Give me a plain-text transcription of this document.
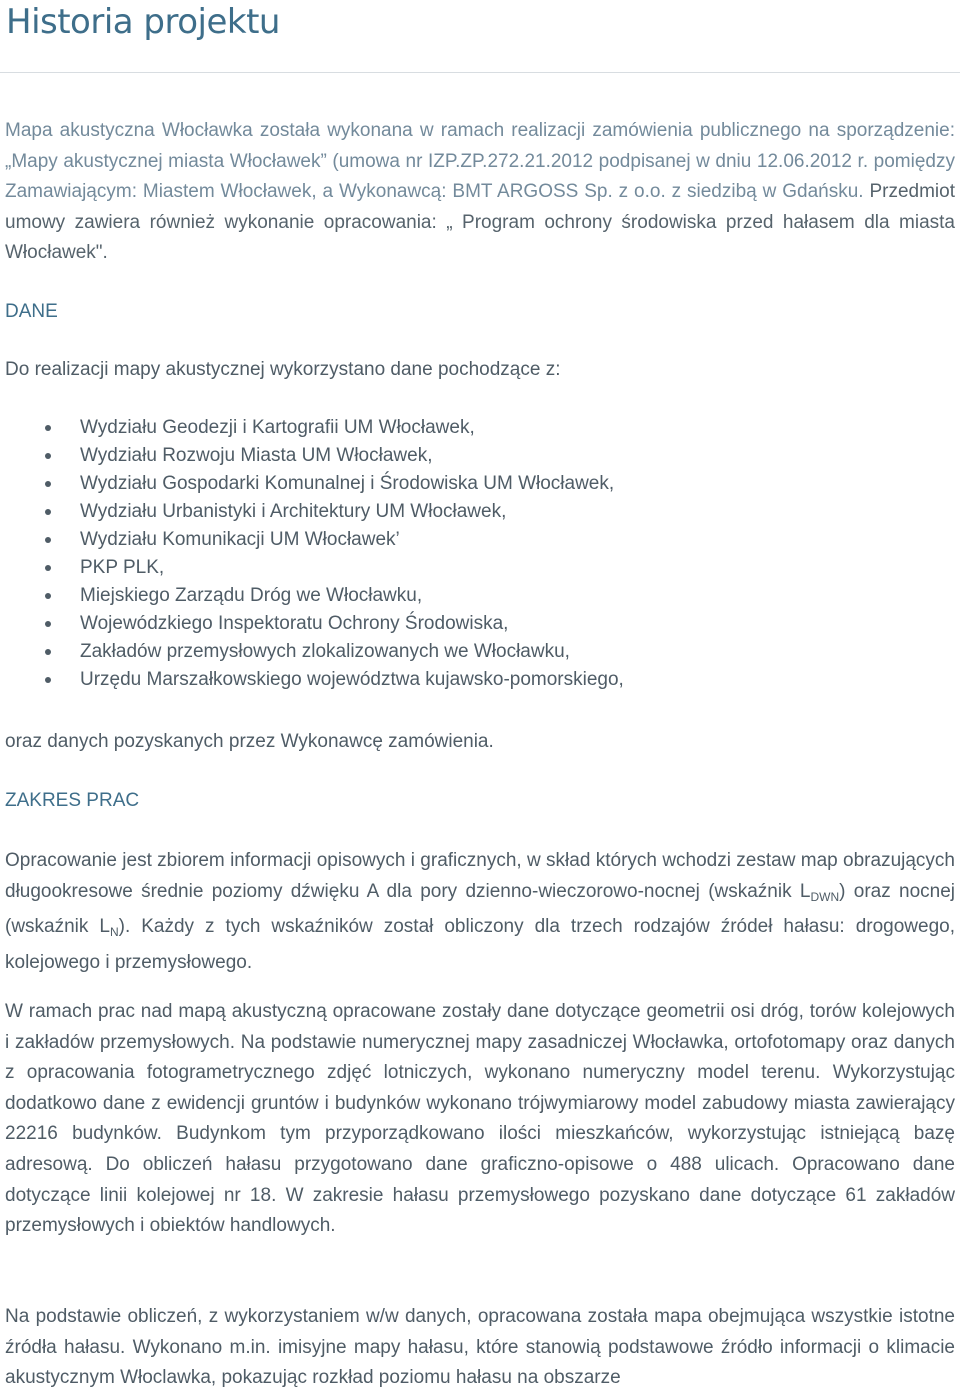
Historia projektu

Mapa akustyczna Włocławka została wykonana w ramach realizacji zamówienia publicznego na sporządzenie: „Mapy akustycznej miasta Włocławek” (umowa nr IZP.ZP.272.21.2012 podpisanej w dniu 12.06.2012 r. pomiędzy Zamawiającym: Miastem Włocławek, a Wykonawcą: BMT ARGOSS Sp. z o.o. z siedzibą w Gdańsku. Przedmiot umowy zawiera również wykonanie opracowania: „ Program ochrony środowiska przed hałasem dla miasta Włocławek".

DANE

Do realizacji mapy akustycznej wykorzystano dane pochodzące z:

Wydziału Geodezji i Kartografii UM Włocławek,
Wydziału Rozwoju Miasta UM Włocławek,
Wydziału Gospodarki Komunalnej i Środowiska UM Włocławek,
Wydziału Urbanistyki i Architektury UM Włocławek,
Wydziału Komunikacji UM Włocławek’
PKP PLK,
Miejskiego Zarządu Dróg we Włocławku,
Wojewódzkiego Inspektoratu Ochrony Środowiska,
Zakładów przemysłowych zlokalizowanych we Włocławku,
Urzędu Marszałkowskiego województwa kujawsko-pomorskiego,

oraz danych pozyskanych przez Wykonawcę zamówienia.

ZAKRES PRAC

Opracowanie jest zbiorem informacji opisowych i graficznych, w skład których wchodzi zestaw map obrazujących długookresowe średnie poziomy dźwięku A dla pory dzienno-wieczorowo-nocnej (wskaźnik $L_{DWN}$) oraz nocnej (wskaźnik $L_N$). Każdy z tych wskaźników został obliczony dla trzech rodzajów źródeł hałasu: drogowego, kolejowego i przemysłowego.

W ramach prac nad mapą akustyczną opracowane zostały dane dotyczące geometrii osi dróg, torów kolejowych i zakładów przemysłowych. Na podstawie numerycznej mapy zasadniczej Włocławka, ortofotomapy oraz danych z opracowania fotogrametrycznego zdjęć lotniczych, wykonano numeryczny model terenu. Wykorzystując dodatkowo dane z ewidencji gruntów i budynków wykonano trójwymiarowy model zabudowy miasta zawierający 22216 budynków. Budynkom tym przyporządkowano ilości mieszkańców, wykorzystując istniejącą bazę adresową. Do obliczeń hałasu przygotowano dane graficzno-opisowe o 488 ulicach. Opracowano dane dotyczące linii kolejowej nr 18. W zakresie hałasu przemysłowego pozyskano dane dotyczące 61 zakładów przemysłowych i obiektów handlowych.

Na podstawie obliczeń, z wykorzystaniem w/w danych, opracowana została mapa obejmująca wszystkie istotne źródła hałasu. Wykonano m.in. imisyjne mapy hałasu, które stanowią podstawowe źródło informacji o klimacie akustycznym Włoclawka, pokazując rozkład poziomu hałasu na obszarze
